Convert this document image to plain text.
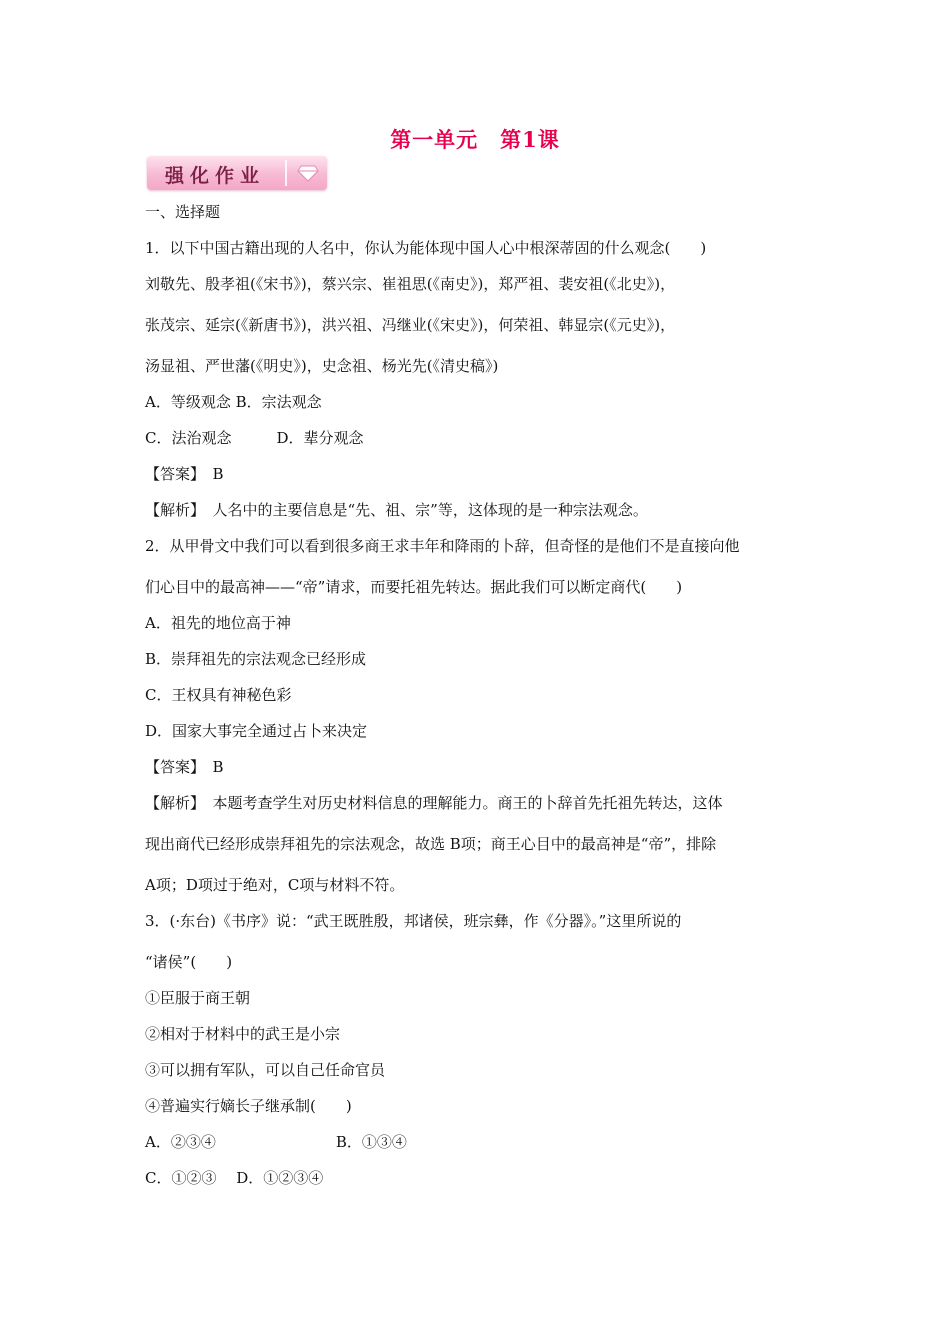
第一单元　第1课
强化作业
一、选择题
1．以下中国古籍出现的人名中，你认为能体现中国人心中根深蒂固的什么观念(　　)
刘敬先、殷孝祖(《宋书》)，蔡兴宗、崔祖思(《南史》)，郑严祖、裴安祖(《北史》)，
张茂宗、延宗(《新唐书》)，洪兴祖、冯继业(《宋史》)，何荣祖、韩显宗(《元史》)，
汤显祖、严世藩(《明史》)，史念祖、杨光先(《清史稿》)
A．等级观念 B．宗法观念
C．法治观念　　　D．辈分观念
【答案】　B
【解析】　人名中的主要信息是“先、祖、宗”等，这体现的是一种宗法观念。
2．从甲骨文中我们可以看到很多商王求丰年和降雨的卜辞，但奇怪的是他们不是直接向他
们心目中的最高神——“帝”请求，而要托祖先转达。据此我们可以断定商代(　　)
A．祖先的地位高于神
B．崇拜祖先的宗法观念已经形成
C．王权具有神秘色彩
D．国家大事完全通过占卜来决定
【答案】　B
【解析】　本题考查学生对历史材料信息的理解能力。商王的卜辞首先托祖先转达，这体
现出商代已经形成崇拜祖先的宗法观念，故选 B项；商王心目中的最高神是“帝”，排除
A项；D项过于绝对，C项与材料不符。
3．(·东台)《书序》说：“武王既胜殷，邦诸侯，班宗彝，作《分器》。”这里所说的
“诸侯”(　　)
①臣服于商王朝
②相对于材料中的武王是小宗
③可以拥有军队，可以自己任命官员
④普遍实行嫡长子继承制(　　)
A．②③④　　　　　　　　B．①③④
C．①②③　 D．①②③④
